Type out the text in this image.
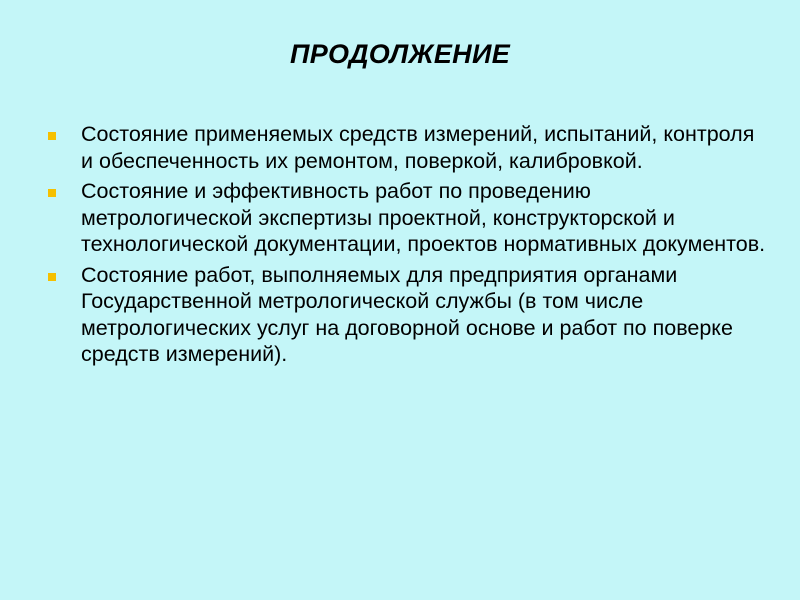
ПРОДОЛЖЕНИЕ
Состояние применяемых средств измерений, испытаний, контроля и обеспеченность их ремонтом, поверкой, калибровкой.
Состояние и эффективность работ по проведению метрологической экспертизы проектной, конструкторской и технологической документации, проектов нормативных документов.
Состояние работ, выполняемых для предприятия органами Государственной метрологической службы (в том числе метрологических услуг на договорной основе и работ по поверке средств измерений).
